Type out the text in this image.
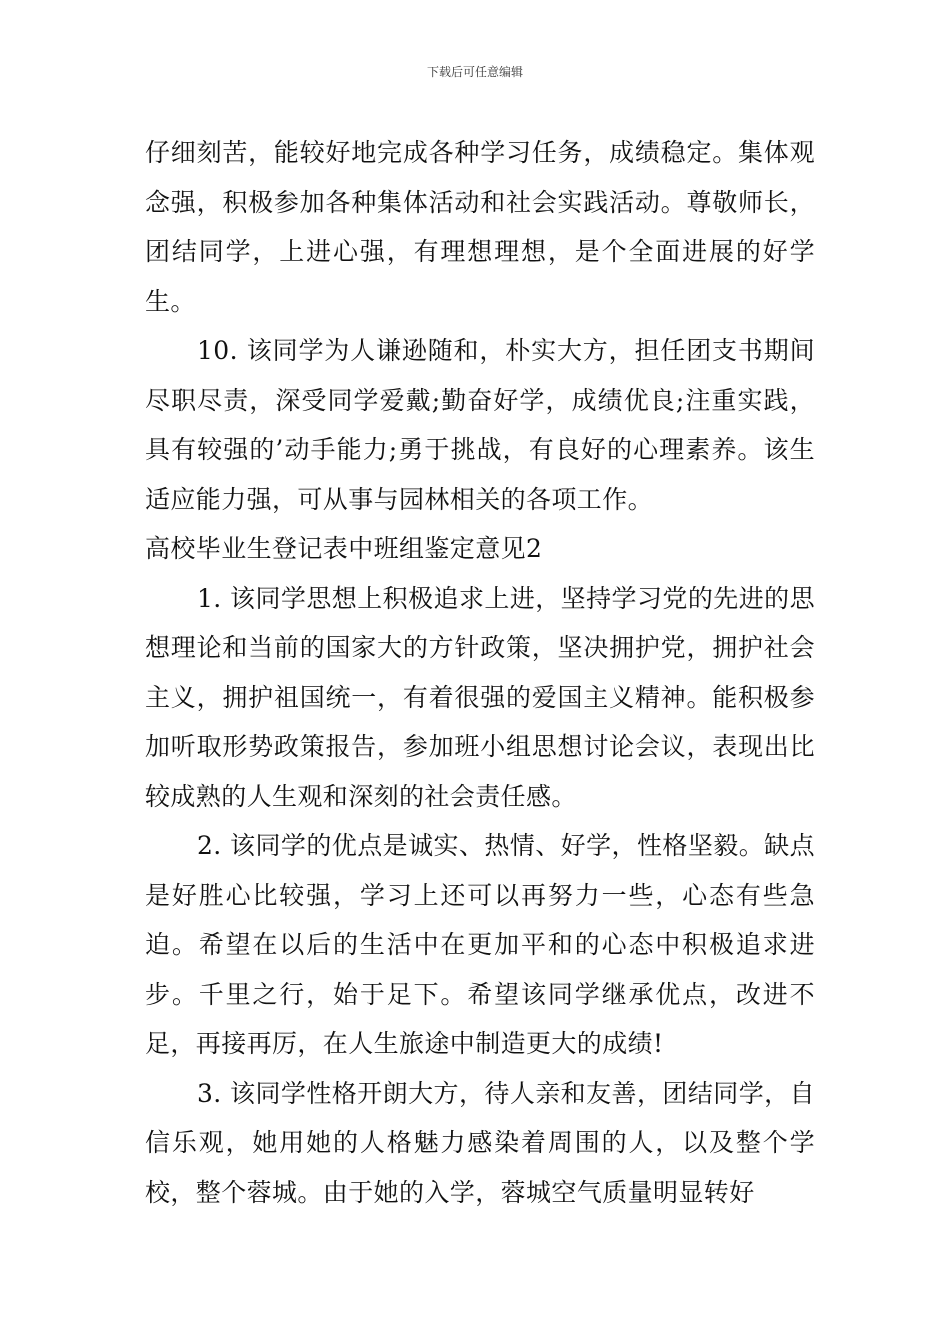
下载后可任意编辑

仔细刻苦，能较好地完成各种学习任务，成绩稳定。集体观念强，积极参加各种集体活动和社会实践活动。尊敬师长，团结同学，上进心强，有理想理想，是个全面进展的好学生。

10. 该同学为人谦逊随和，朴实大方，担任团支书期间尽职尽责，深受同学爱戴;勤奋好学，成绩优良;注重实践，具有较强的’动手能力;勇于挑战，有良好的心理素养。该生适应能力强，可从事与园林相关的各项工作。

高校毕业生登记表中班组鉴定意见2

1. 该同学思想上积极追求上进，坚持学习党的先进的思想理论和当前的国家大的方针政策，坚决拥护党，拥护社会主义，拥护祖国统一，有着很强的爱国主义精神。能积极参加听取形势政策报告，参加班小组思想讨论会议，表现出比较成熟的人生观和深刻的社会责任感。

2. 该同学的优点是诚实、热情、好学，性格坚毅。缺点是好胜心比较强，学习上还可以再努力一些，心态有些急迫。希望在以后的生活中在更加平和的心态中积极追求进步。千里之行，始于足下。希望该同学继承优点，改进不足，再接再厉，在人生旅途中制造更大的成绩!

3. 该同学性格开朗大方，待人亲和友善，团结同学，自信乐观，她用她的人格魅力感染着周围的人，以及整个学校，整个蓉城。由于她的入学，蓉城空气质量明显转好
